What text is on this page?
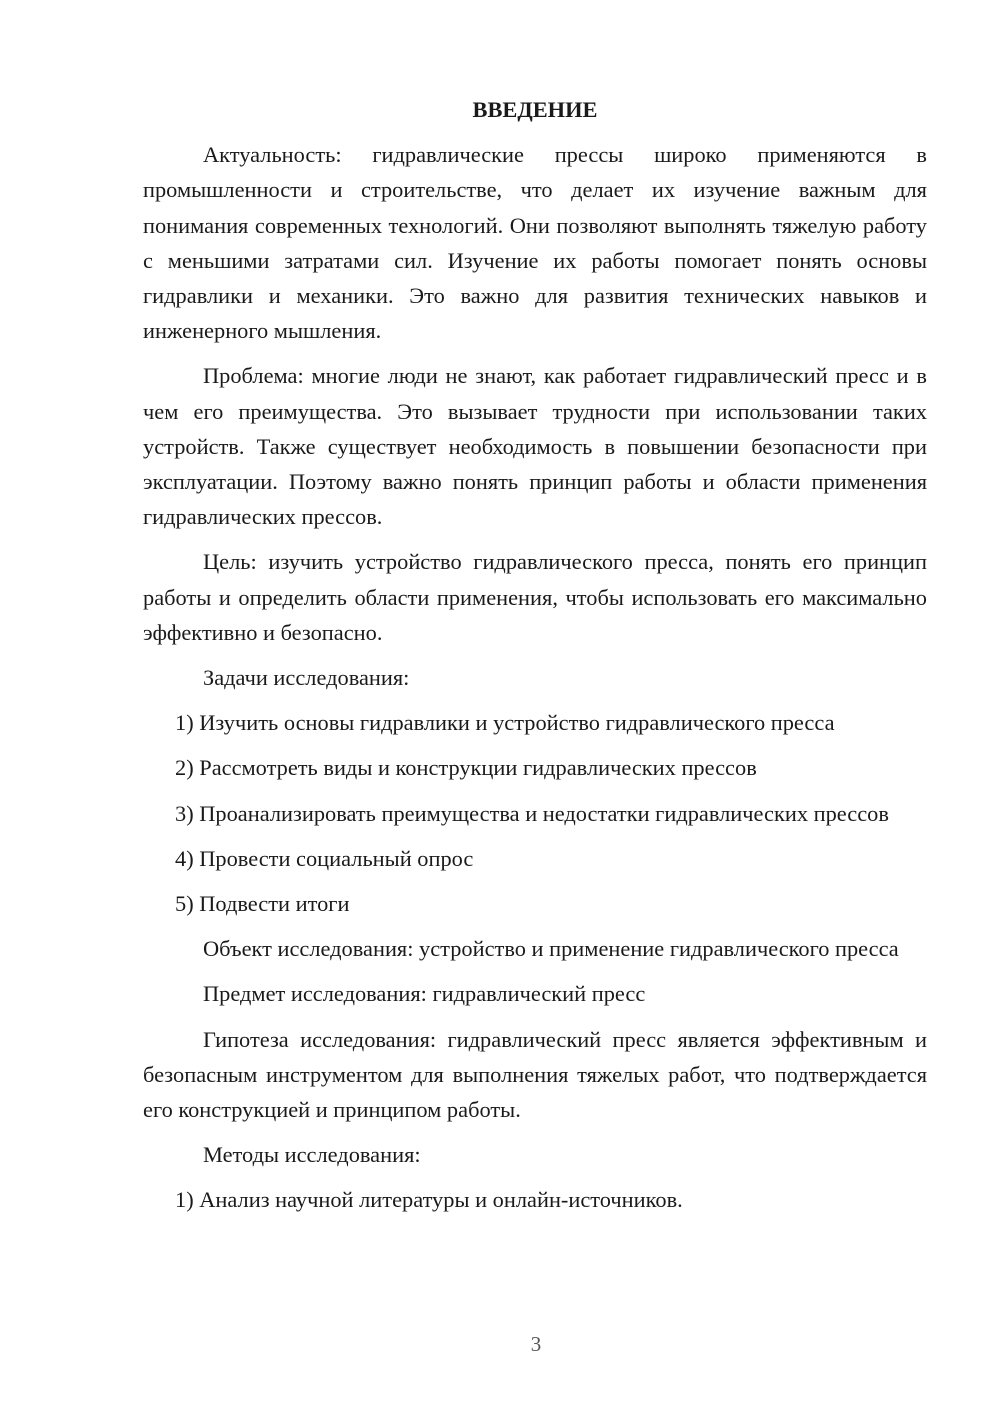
ВВЕДЕНИЕ

Актуальность: гидравлические прессы широко применяются в промышленности и строительстве, что делает их изучение важным для понимания современных технологий. Они позволяют выполнять тяжелую работу с меньшими затратами сил. Изучение их работы помогает понять основы гидравлики и механики. Это важно для развития технических навыков и инженерного мышления.

Проблема: многие люди не знают, как работает гидравлический пресс и в чем его преимущества. Это вызывает трудности при использовании таких устройств. Также существует необходимость в повышении безопасности при эксплуатации. Поэтому важно понять принцип работы и области применения гидравлических прессов.

Цель: изучить устройство гидравлического пресса, понять его принцип работы и определить области применения, чтобы использовать его максимально эффективно и безопасно.

Задачи исследования:

1) Изучить основы гидравлики и устройство гидравлического пресса

2) Рассмотреть виды и конструкции гидравлических прессов

3) Проанализировать преимущества и недостатки гидравлических прессов

4) Провести социальный опрос

5) Подвести итоги

Объект исследования: устройство и применение гидравлического пресса

Предмет исследования: гидравлический пресс

Гипотеза исследования: гидравлический пресс является эффективным и безопасным инструментом для выполнения тяжелых работ, что подтверждается его конструкцией и принципом работы.

Методы исследования:

1) Анализ научной литературы и онлайн-источников.

3
